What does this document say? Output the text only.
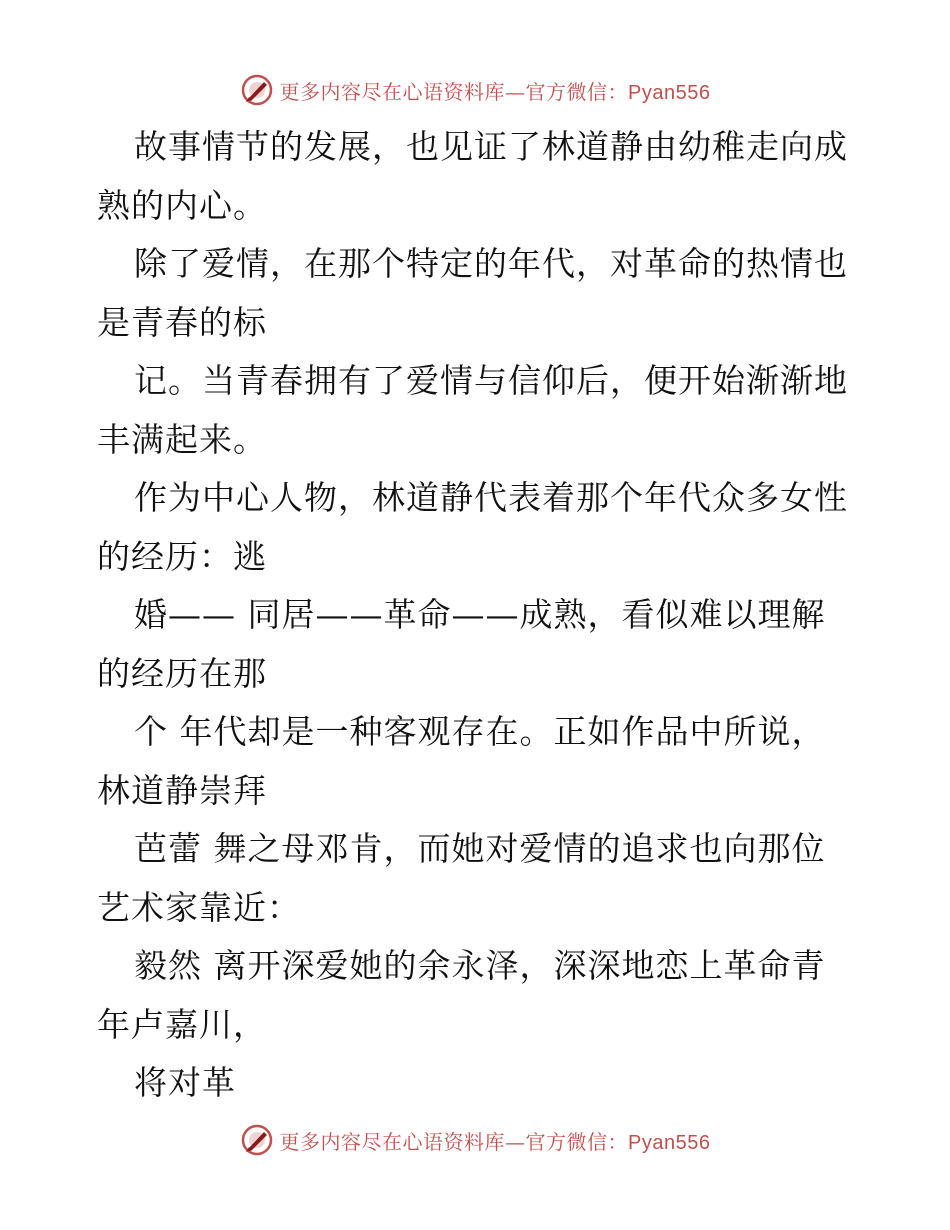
更多内容尽在心语资料库—官方微信：Pyan556

故事情节的发展，也见证了林道静由幼稚走向成熟的内心。

除了爱情，在那个特定的年代，对革命的热情也是青春的标

记。当青春拥有了爱情与信仰后，便开始渐渐地丰满起来。

作为中心人物，林道静代表着那个年代众多女性的经历：逃

婚—— 同居——革命——成熟，看似难以理解的经历在那

个 年代却是一种客观存在。正如作品中所说，林道静崇拜

芭蕾 舞之母邓肯，而她对爱情的追求也向那位艺术家靠近：

毅然 离开深爱她的余永泽，深深地恋上革命青年卢嘉川，

将对革

更多内容尽在心语资料库—官方微信：Pyan556
